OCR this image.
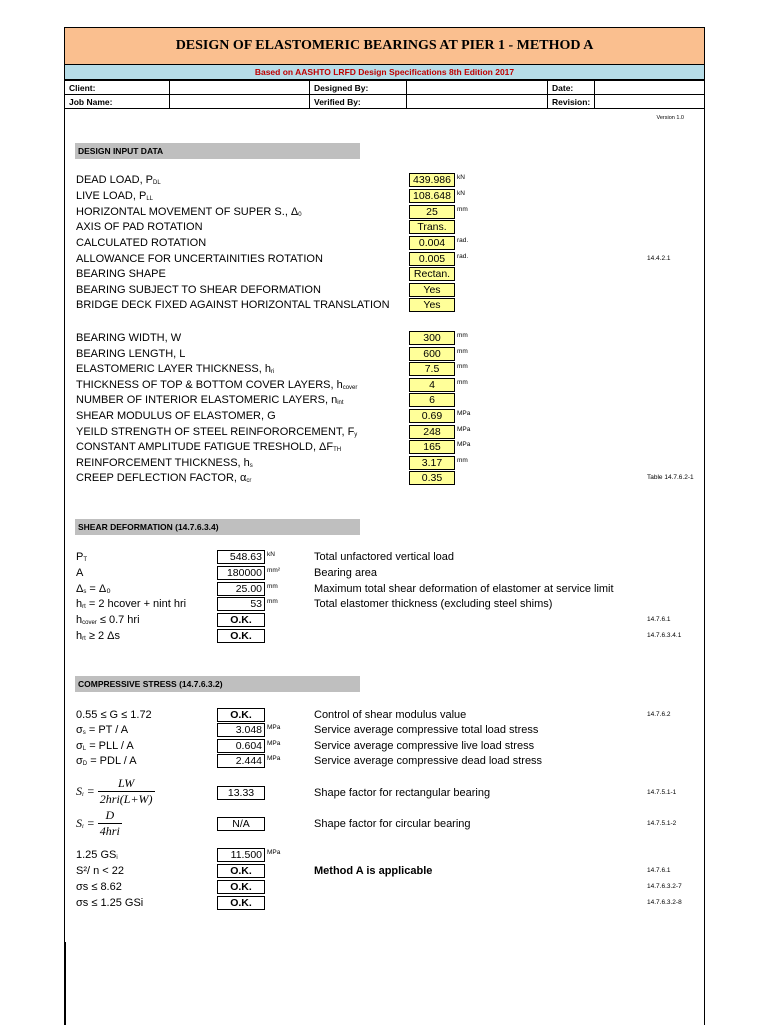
DESIGN OF ELASTOMERIC BEARINGS AT PIER 1 - METHOD A
Based on AASHTO LRFD Design Specifications 8th Edition 2017
Client:		Designed By:		Date:	
Job Name:		Verified By:		Revision:	
Version 1.0
DESIGN INPUT DATA
DEAD LOAD, $P_{DL}$	439.986 kN
LIVE LOAD, $P_{LL}$	108.648 kN
HORIZONTAL MOVEMENT OF SUPER S., $\Delta_0$	25	mm
AXIS OF PAD ROTATION	Trans.
CALCULATED ROTATION	0.004	rad.
ALLOWANCE FOR UNCERTAINITIES ROTATION	0.005	rad.	14.4.2.1
BEARING SHAPE	Rectan.
BEARING SUBJECT TO SHEAR DEFORMATION	Yes
BRIDGE DECK FIXED AGAINST HORIZONTAL TRANSLATION	Yes
BEARING WIDTH, W	300	mm
BEARING LENGTH, L	600	mm
ELASTOMERIC LAYER THICKNESS, $h_{ri}$	7.5	mm
THICKNESS OF TOP & BOTTOM COVER LAYERS, $h_{cover}$	4	mm
NUMBER OF INTERIOR ELASTOMERIC LAYERS, $n_{int}$	6
SHEAR MODULUS OF ELASTOMER, G	0.69	MPa
YEILD STRENGTH OF STEEL REINFORORCEMENT, $F_y$	248	MPa
CONSTANT AMPLITUDE FATIGUE TRESHOLD, $\Delta F_{TH}$	165	MPa
REINFORCEMENT THICKNESS, $h_s$	3.17	mm
CREEP DEFLECTION FACTOR, $\alpha_{cr}$	0.35	Table 14.7.6.2-1
SHEAR DEFORMATION (14.7.6.3.4)
$P_T$	548.63 kN	Total unfactored vertical load
A	180000 mm²	Bearing area
$\Delta_s = \Delta_0$	25.00 mm	Maximum total shear deformation of elastomer at service limit
$h_{rt} = 2$ hcover + nint hri	53 mm	Total elastomer thickness (excluding steel shims)
$h_{cover} \le 0.7$ hri	O.K.	14.7.6.1
$h_{rt} \ge 2$ Δs	O.K.	14.7.6.3.4.1
COMPRESSIVE STRESS (14.7.6.3.2)
0.55 ≤ G ≤ 1.72	O.K.	Control of shear modulus value	14.7.6.2
$\sigma_s$ = PT / A	3.048 MPa	Service average compressive total load stress
$\sigma_L$ = PLL / A	0.604 MPa	Service average compressive live load stress
$\sigma_D$ = PDL / A	2.444 MPa	Service average compressive dead load stress
$S_i = \frac{LW}{\text{2hri(L+W)}}$	13.33	Shape factor for rectangular bearing	14.7.5.1-1
$S_i = \frac{D}{\text{4hri}}$	N/A	Shape factor for circular bearing	14.7.5.1-2
1.25 $GS_i$	11.500 MPa
S²/ n < 22	O.K.	Method A is applicable	14.7.6.1
σs ≤ 8.62	O.K.	14.7.6.3.2-7
σs ≤ 1.25 GSi	O.K.	14.7.6.3.2-8
